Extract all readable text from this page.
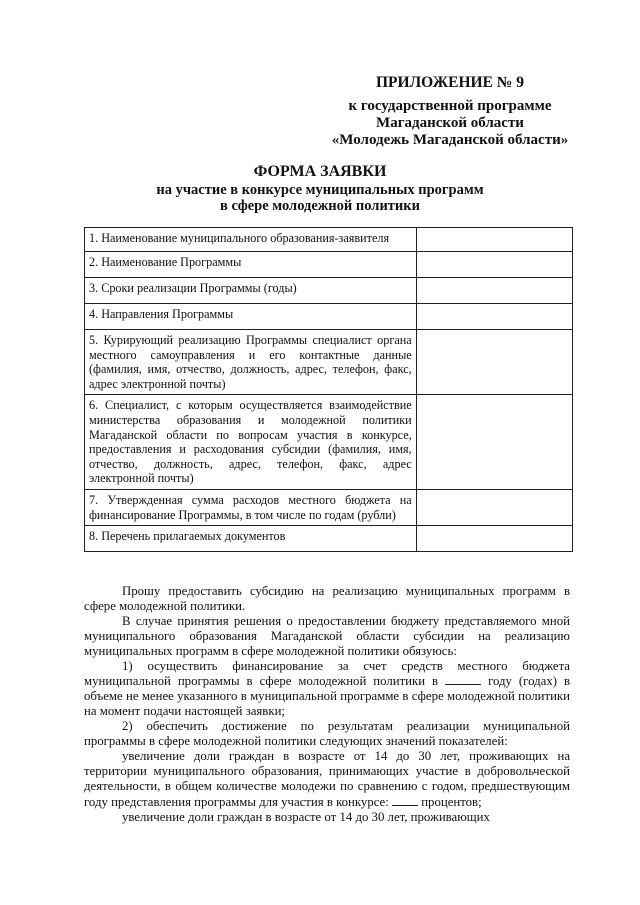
ПРИЛОЖЕНИЕ № 9
к государственной программе
Магаданской области
«Молодежь Магаданской области»
ФОРМА ЗАЯВКИ
на участие в конкурсе муниципальных программ
в сфере молодежной политики
1. Наименование муниципального образования-заявителя	
2. Наименование Программы	
3. Сроки реализации Программы (годы)	
4. Направления Программы	
5. Курирующий реализацию Программы специалист органа местного самоуправления и его контактные данные (фамилия, имя, отчество, должность, адрес, телефон, факс, адрес электронной почты)	
6. Специалист, с которым осуществляется взаимодействие министерства образования и молодежной политики Магаданской области по вопросам участия в конкурсе, предоставления и расходования субсидии (фамилия, имя, отчество, должность, адрес, телефон, факс, адрес электронной почты)	
7. Утвержденная сумма расходов местного бюджета на финансирование Программы, в том числе по годам (рубли)	
8. Перечень прилагаемых документов	

Прошу предоставить субсидию на реализацию муниципальных программ в сфере молодежной политики.

В случае принятия решения о предоставлении бюджету представляемого мной муниципального образования Магаданской области субсидии на реализацию муниципальных программ в сфере молодежной политики обязуюсь:

1) осуществить финансирование за счет средств местного бюджета муниципальной программы в сфере молодежной политики в	году (годах) в объеме не менее указанного в муниципальной программе в сфере молодежной политики на момент подачи настоящей заявки;

2) обеспечить достижение по результатам реализации муниципальной программы в сфере молодежной политики следующих значений показателей:

увеличение доли граждан в возрасте от 14 до 30 лет, проживающих на территории муниципального образования, принимающих участие в добровольческой деятельности, в общем количестве молодежи по сравнению с годом, предшествующим году представления программы для участия в конкурсе:	процентов;

увеличение доли граждан в возрасте от 14 до 30 лет, проживающих
